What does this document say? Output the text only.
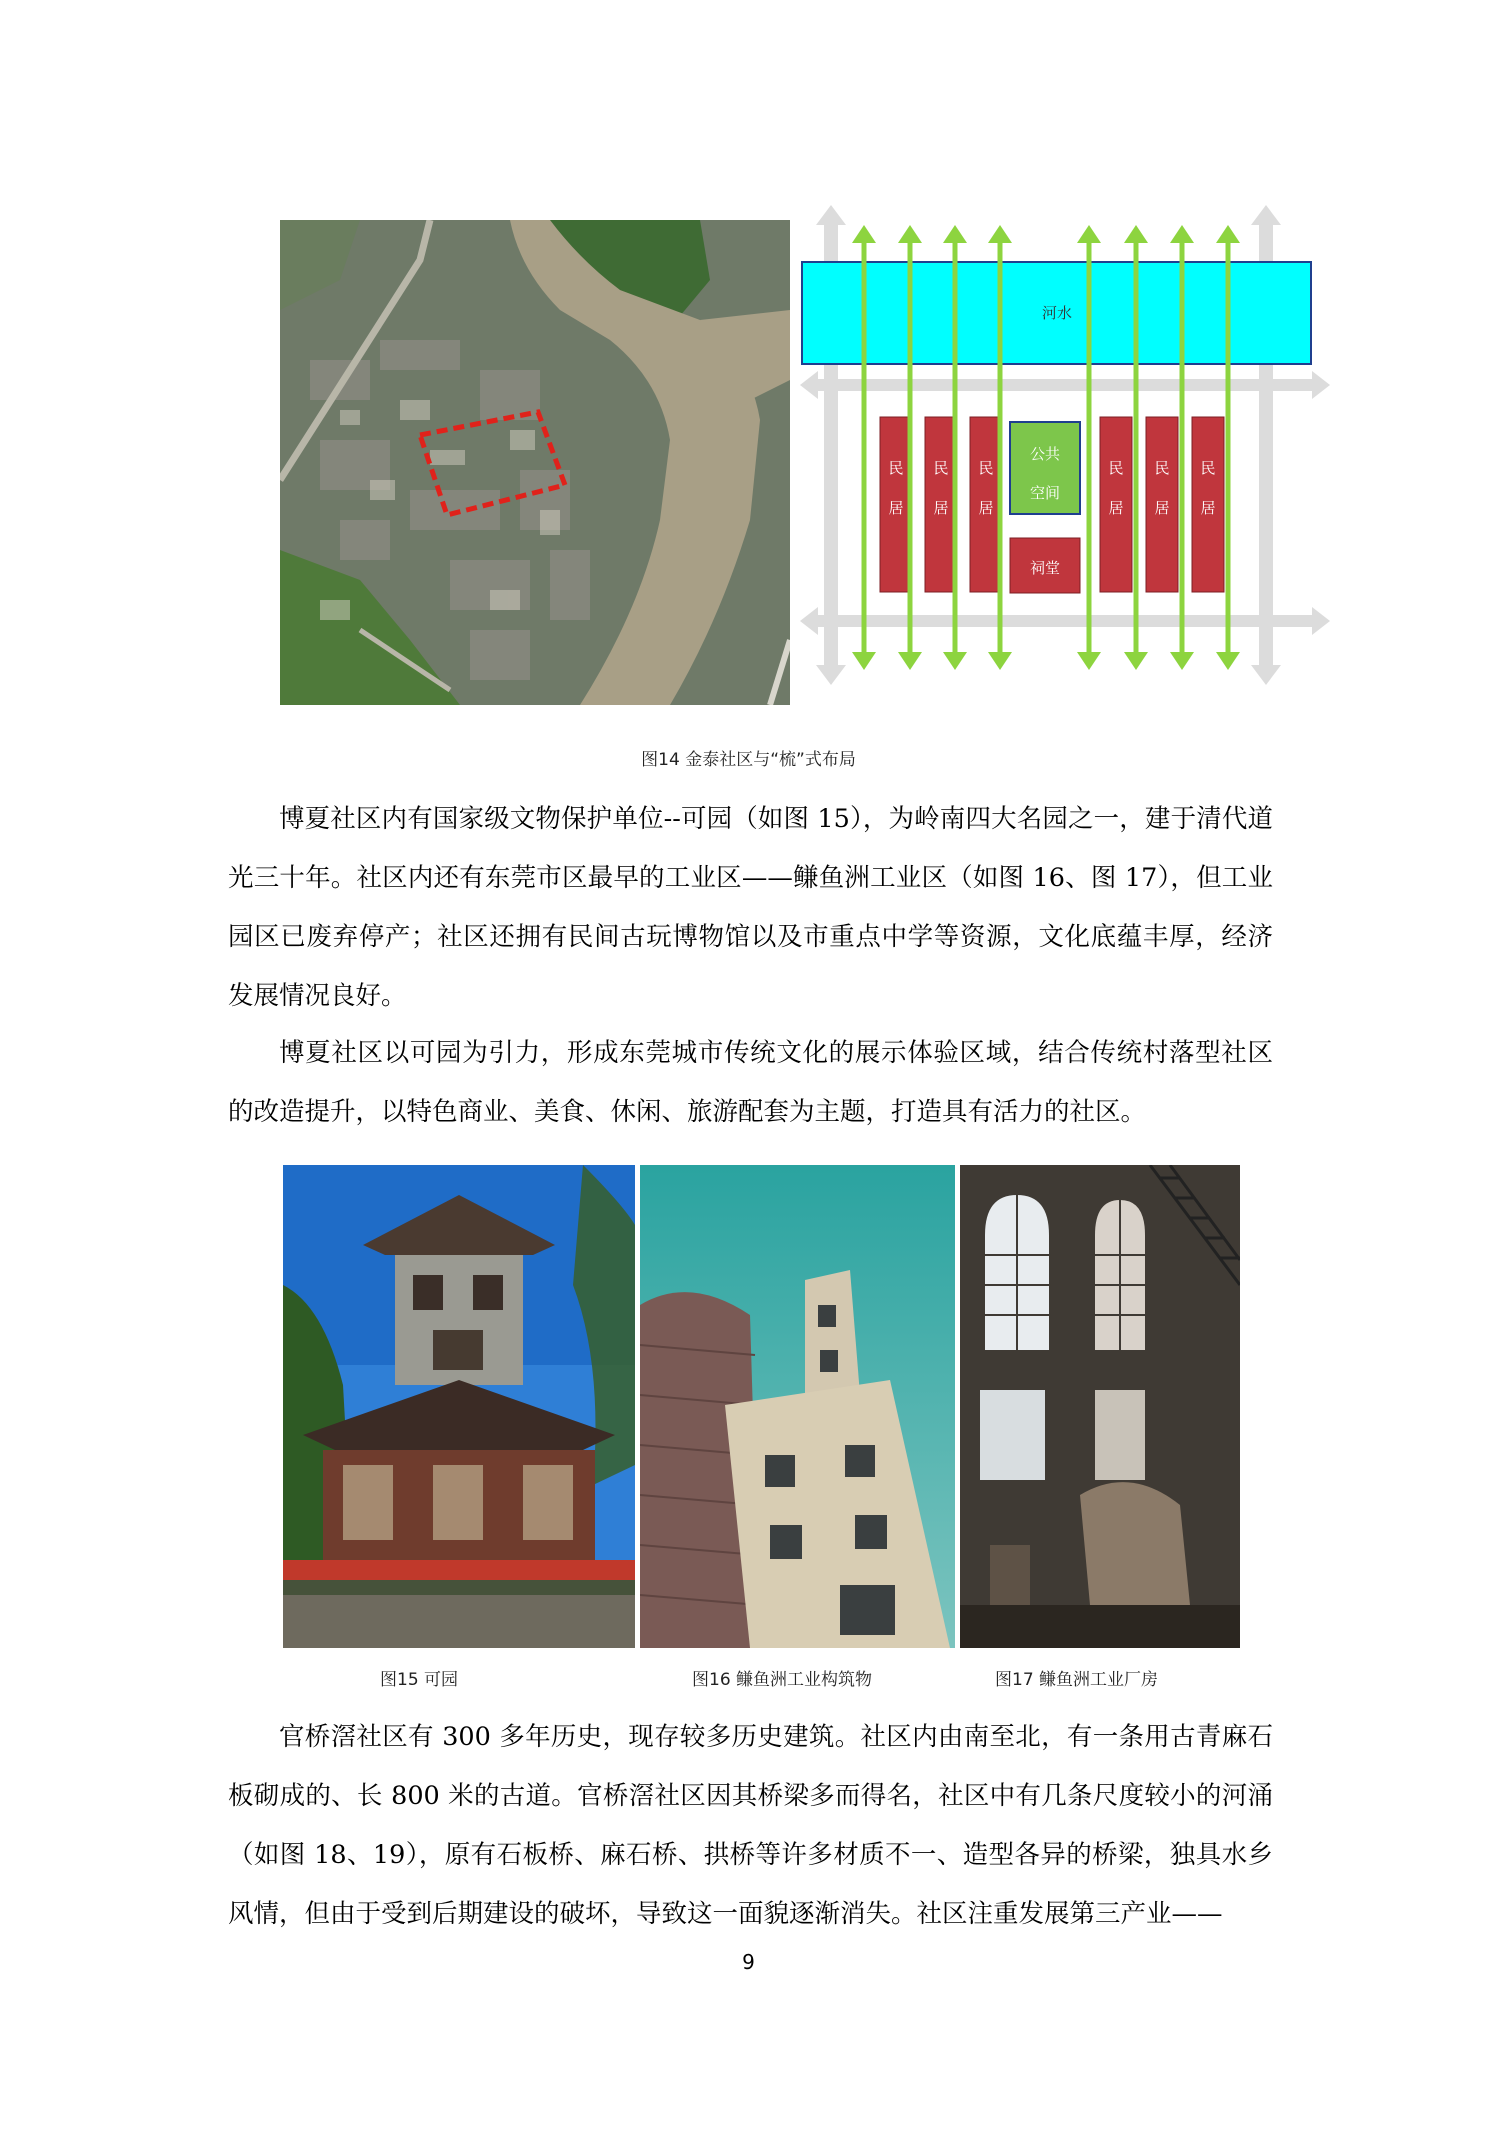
河水
公共
空间
祠堂
民
居
民
居
民
居
民
居
民
居
民
居
图14 金泰社区与“梳”式布局

博夏社区内有国家级文物保护单位--可园（如图 15），为岭南四大名园之一，建于清代道光三十年。社区内还有东莞市区最早的工业区——鳒鱼洲工业区（如图 16、图 17），但工业园区已废弃停产；社区还拥有民间古玩博物馆以及市重点中学等资源，文化底蕴丰厚，经济发展情况良好。

博夏社区以可园为引力，形成东莞城市传统文化的展示体验区域，结合传统村落型社区的改造提升，以特色商业、美食、休闲、旅游配套为主题，打造具有活力的社区。

图15 可园	图16 鳒鱼洲工业构筑物	图17 鳒鱼洲工业厂房

官桥滘社区有 300 多年历史，现存较多历史建筑。社区内由南至北，有一条用古青麻石板砌成的、长 800 米的古道。官桥滘社区因其桥梁多而得名，社区中有几条尺度较小的河涌（如图 18、19），原有石板桥、麻石桥、拱桥等许多材质不一、造型各异的桥梁，独具水乡风情，但由于受到后期建设的破坏，导致这一面貌逐渐消失。社区注重发展第三产业——

9
